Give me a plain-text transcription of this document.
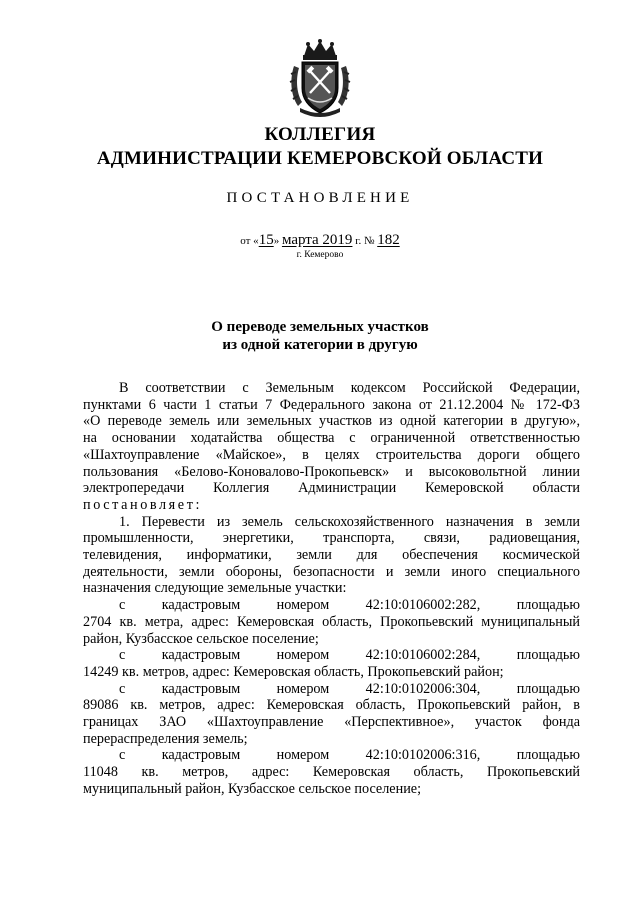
КОЛЛЕГИЯ
АДМИНИСТРАЦИИ КЕМЕРОВСКОЙ ОБЛАСТИ
ПОСТАНОВЛЕНИЕ
от «15» марта 2019 г. № 182
г. Кемерово
О переводе земельных участков
из одной категории в другую

В соответствии с Земельным кодексом Российской Федерации,

пунктами 6 части 1 статьи 7 Федерального закона от 21.12.2004 № 172-ФЗ

«О переводе земель или земельных участков из одной категории в другую»,

на основании ходатайства общества с ограниченной ответственностью

«Шахтоуправление «Майское», в целях строительства дороги общего

пользования «Белово-Коновалово-Прокопьевск» и высоковольтной линии

электропередачи Коллегия Администрации Кемеровской области

постановляет:

1. Перевести из земель сельскохозяйственного назначения в земли

промышленности, энергетики, транспорта, связи, радиовещания,

телевидения, информатики, земли для обеспечения космической

деятельности, земли обороны, безопасности и земли иного специального

назначения следующие земельные участки:

с кадастровым номером 42:10:0106002:282, площадью

2704 кв. метра, адрес: Кемеровская область, Прокопьевский муниципальный

район, Кузбасское сельское поселение;

с кадастровым номером 42:10:0106002:284, площадью

14249 кв. метров, адрес: Кемеровская область, Прокопьевский район;

с кадастровым номером 42:10:0102006:304, площадью

89086 кв. метров, адрес: Кемеровская область, Прокопьевский район, в

границах ЗАО «Шахтоуправление «Перспективное», участок фонда

перераспределения земель;

с кадастровым номером 42:10:0102006:316, площадью

11048 кв. метров, адрес: Кемеровская область, Прокопьевский

муниципальный район, Кузбасское сельское поселение;
